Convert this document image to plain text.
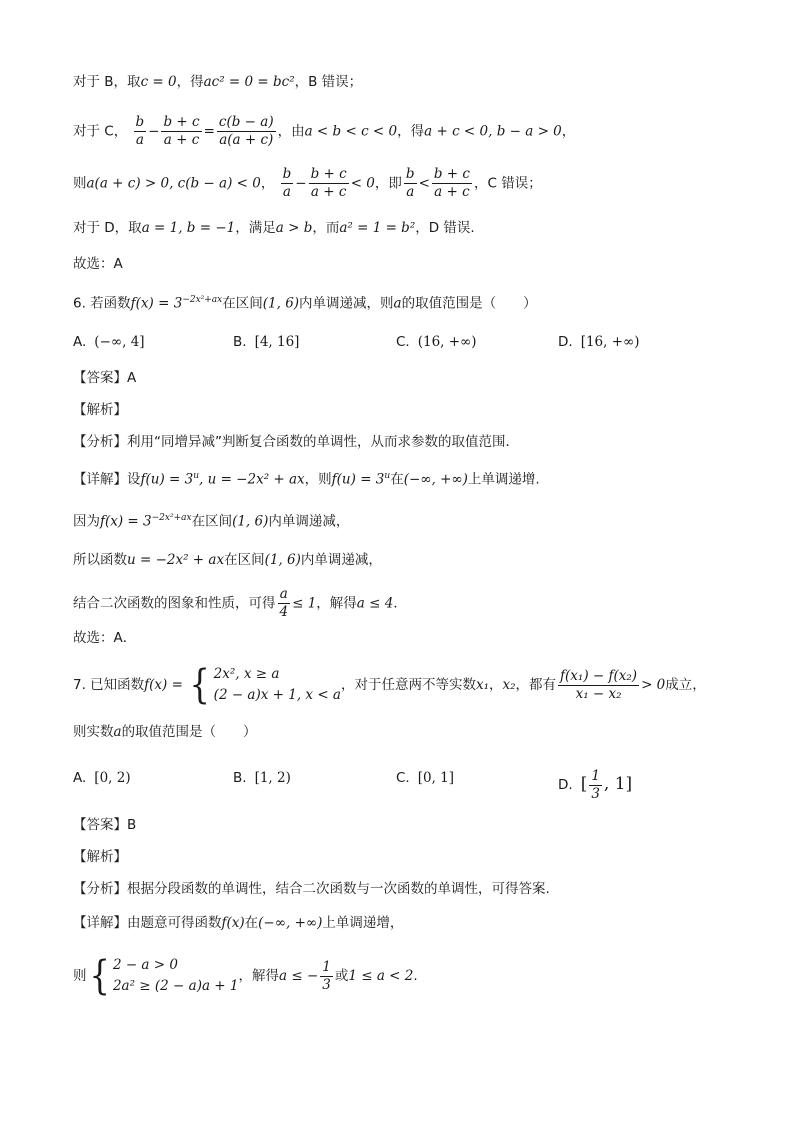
对于 B，取c = 0，得ac² = 0 = bc²，B 错误；
对于 C， $\frac{b}{a} - \frac{b + c}{a + c} = \frac{c(b - a)}{a(a + c)}$ ，由a < b < c < 0，得a + c < 0, b − a > 0，
则a(a + c) > 0, c(b − a) < 0， $\frac{b}{a} - \frac{b + c}{a + c} < 0$，即 $\frac{b}{a} < \frac{b + c}{a + c}$ ，C 错误；
对于 D，取a = 1, b = −1，满足a > b，而a² = 1 = b²，D 错误.
故选：A
6. 若函数$f(x) = 3^{-2x^2+ax}$在区间(1, 6)内单调递减，则a的取值范围是（　　）
A. (−∞, 4]	B. [4, 16]	C. (16, +∞)	D. [16, +∞)
【答案】A
【解析】
【分析】利用“同增异减”判断复合函数的单调性，从而求参数的取值范围．
【详解】设$f(u) = 3^u$, u = −2x² + ax，则$f(u) = 3^u$在(−∞, +∞)上单调递增.
因为$f(x) = 3^{-2x^2+ax}$在区间(1, 6)内单调递减，
所以函数u = −2x² + ax在区间(1, 6)内单调递减，
结合二次函数的图象和性质，可得 $\frac{a}{4} \le 1$，解得a ≤ 4．
故选：A．
7. 已知函数f(x) = { 2x², x ≥ a
(2 − a)x + 1, x < a
，对于任意两不等实数x₁，x₂，都有 $\frac{\text{f(x₁) − f(x₂)}}{\text{x₁ − x₂}} > 0$成立，
则实数a的取值范围是（　　）
A. [0, 2)	B. [1, 2)	C. [0, 1]	D. [ $\frac{1}{3}$ , 1]
【答案】B
【解析】
【分析】根据分段函数的单调性，结合二次函数与一次函数的单调性，可得答案.
【详解】由题意可得函数f(x)在(−∞, +∞)上单调递增，
则 { 2 − a > 0
2a² ≥ (2 − a)a + 1
，解得a ≤ − $\frac{1}{3}$ 或1 ≤ a < 2.
